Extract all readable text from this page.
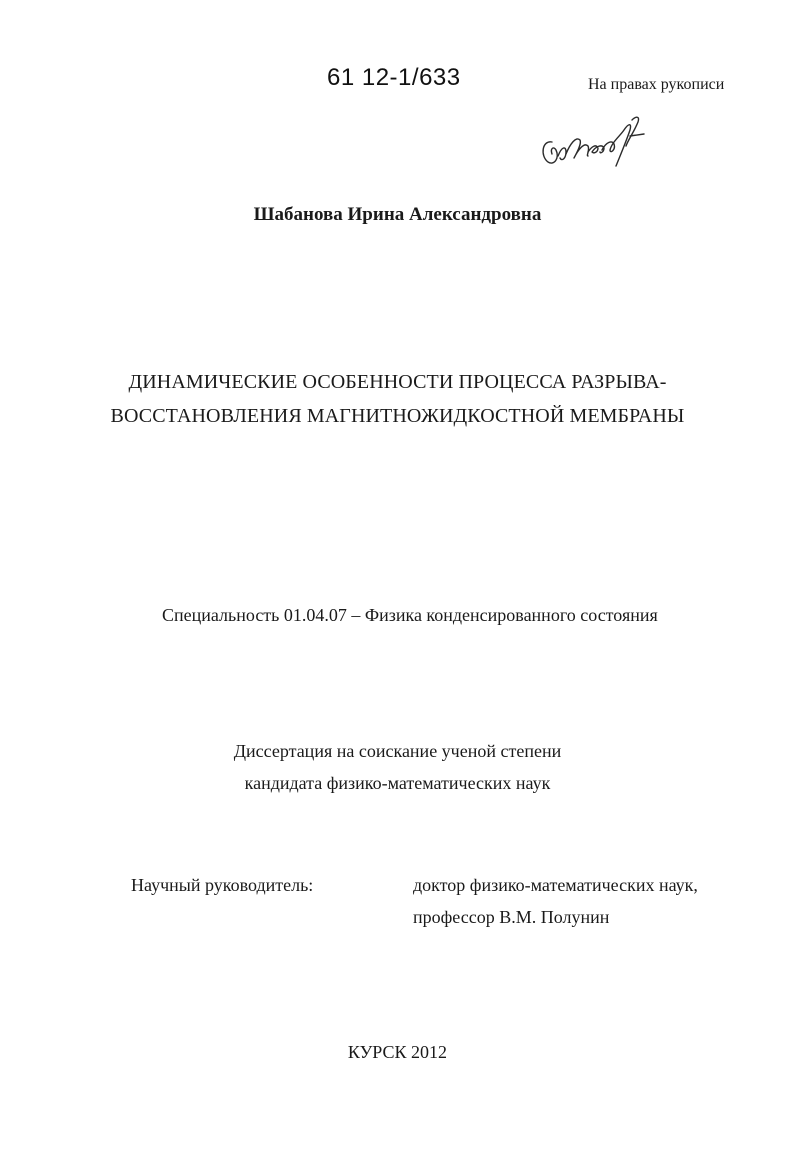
61 12-1/633	На правах рукописи
Шабанова Ирина Александровна
ДИНАМИЧЕСКИЕ ОСОБЕННОСТИ ПРОЦЕССА РАЗРЫВА-
ВОССТАНОВЛЕНИЯ МАГНИТНОЖИДКОСТНОЙ МЕМБРАНЫ
Специальность 01.04.07 – Физика конденсированного состояния
Диссертация на соискание ученой степени
кандидата физико-математических наук
Научный руководитель:	доктор физико-математических наук,
профессор В.М. Полунин
КУРСК 2012
